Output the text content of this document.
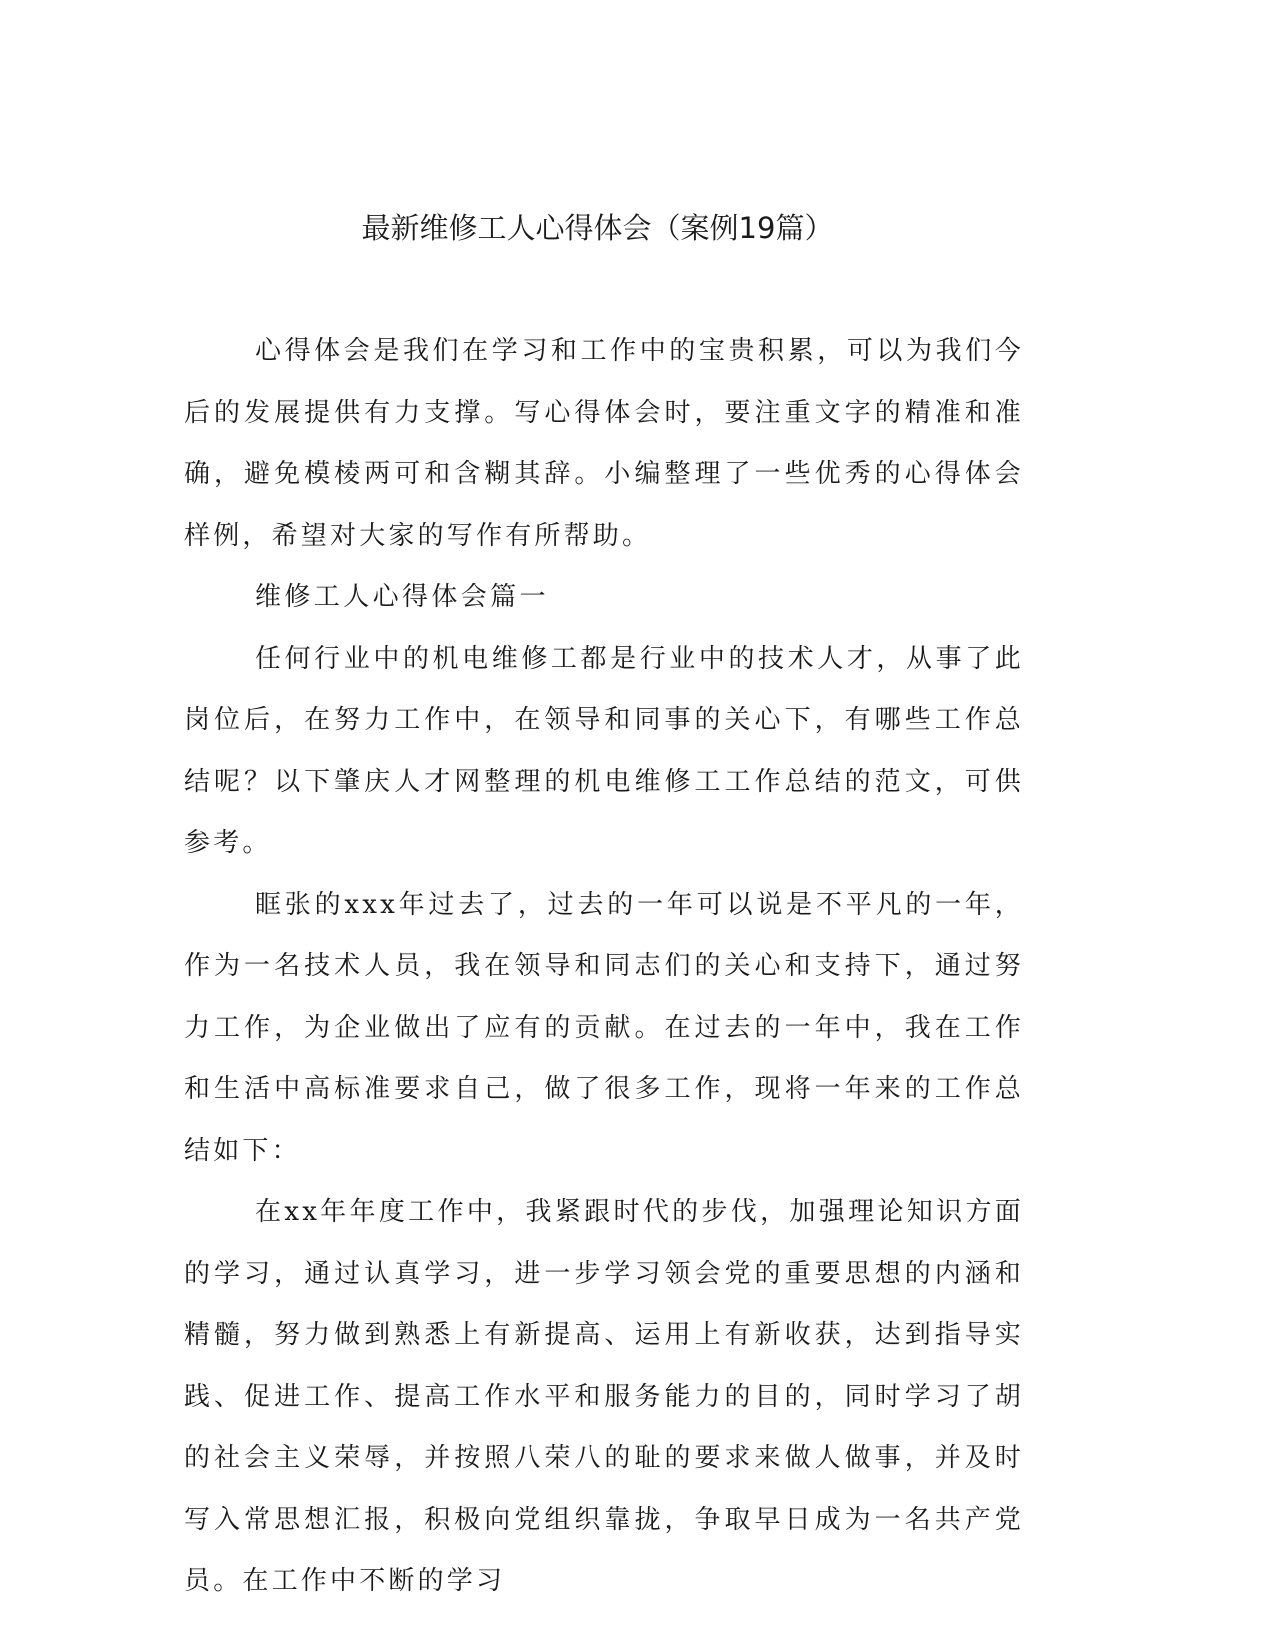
最新维修工人心得体会（案例19篇）

心得体会是我们在学习和工作中的宝贵积累，可以为我们今后的发展提供有力支撑。写心得体会时，要注重文字的精准和准确，避免模棱两可和含糊其辞。小编整理了一些优秀的心得体会样例，希望对大家的写作有所帮助。

维修工人心得体会篇一

任何行业中的机电维修工都是行业中的技术人才，从事了此岗位后，在努力工作中，在领导和同事的关心下，有哪些工作总结呢？以下肇庆人才网整理的机电维修工工作总结的范文，可供参考。

眶张的xxx年过去了，过去的一年可以说是不平凡的一年，作为一名技术人员，我在领导和同志们的关心和支持下，通过努力工作，为企业做出了应有的贡献。在过去的一年中，我在工作和生活中高标准要求自己，做了很多工作，现将一年来的工作总结如下：

在xx年年度工作中，我紧跟时代的步伐，加强理论知识方面的学习，通过认真学习，进一步学习领会党的重要思想的内涵和精髓，努力做到熟悉上有新提高、运用上有新收获，达到指导实践、促进工作、提高工作水平和服务能力的目的，同时学习了胡的社会主义荣辱，并按照八荣八的耻的要求来做人做事，并及时写入常思想汇报，积极向党组织靠拢，争取早日成为一名共产党员。在工作中不断的学习
